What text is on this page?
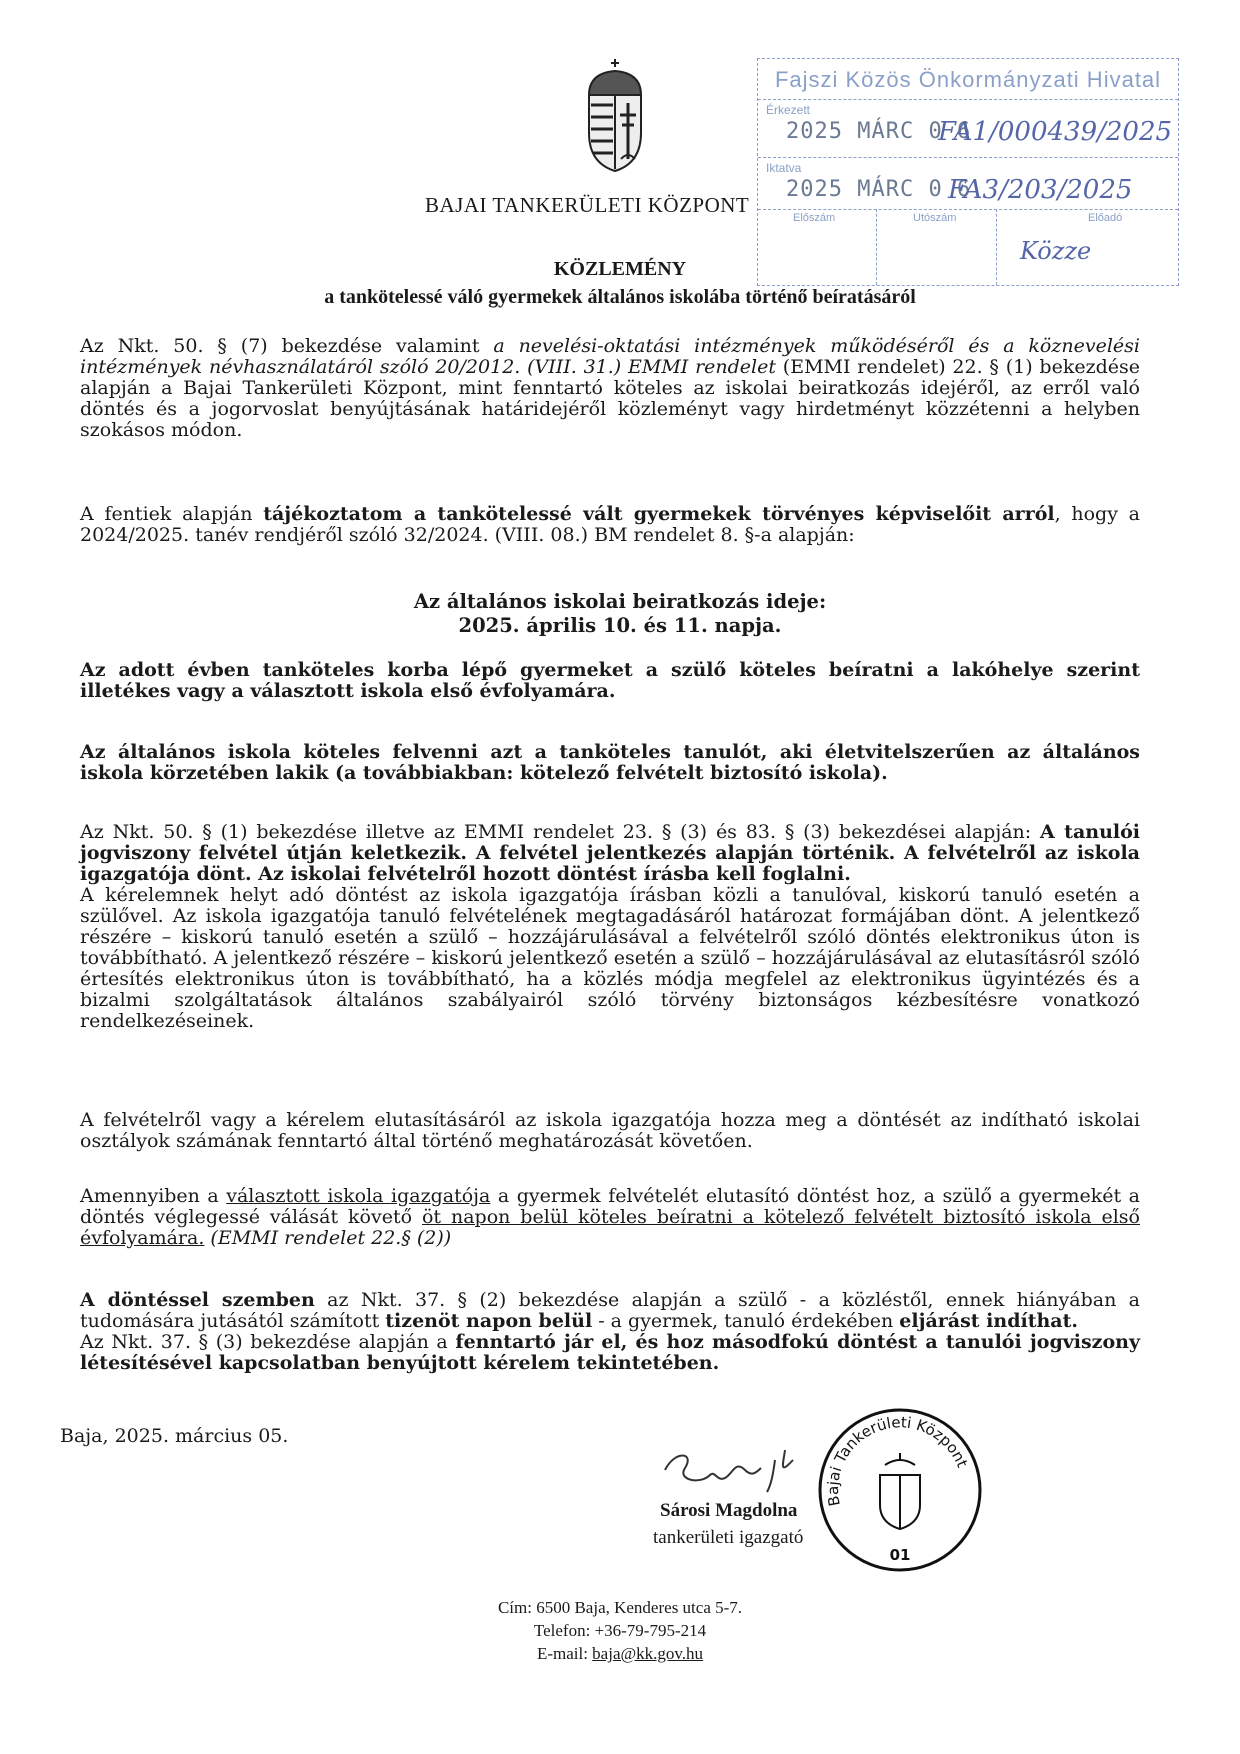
Fajszi Közös Önkormányzati Hivatal
Érkezett
2025 MÁRC 0 6
FA1/000439/2025
Iktatva
2025 MÁRC 0 6
FA3/203/2025
Előszám	Utószám	Előadó
Közze
BAJAI TANKERÜLETI KÖZPONT
KÖZLEMÉNY
a tankötelessé váló gyermekek általános iskolába történő beíratásáról
Az Nkt. 50. § (7) bekezdése valamint a nevelési-oktatási intézmények működéséről és a köznevelési intézmények névhasználatáról szóló 20/2012. (VIII. 31.) EMMI rendelet (EMMI rendelet) 22. § (1) bekezdése alapján a Bajai Tankerületi Központ, mint fenntartó köteles az iskolai beiratkozás idejéről, az erről való döntés és a jogorvoslat benyújtásának határidejéről közleményt vagy hirdetményt közzétenni a helyben szokásos módon.
A fentiek alapján tájékoztatom a tankötelessé vált gyermekek törvényes képviselőit arról, hogy a 2024/2025. tanév rendjéről szóló 32/2024. (VIII. 08.) BM rendelet 8. §-a alapján:
Az általános iskolai beiratkozás ideje:
2025. április 10. és 11. napja.
Az adott évben tanköteles korba lépő gyermeket a szülő köteles beíratni a lakóhelye szerint illetékes vagy a választott iskola első évfolyamára.
Az általános iskola köteles felvenni azt a tanköteles tanulót, aki életvitelszerűen az általános iskola körzetében lakik (a továbbiakban: kötelező felvételt biztosító iskola).
Az Nkt. 50. § (1) bekezdése illetve az EMMI rendelet 23. § (3) és 83. § (3) bekezdései alapján: A tanulói jogviszony felvétel útján keletkezik. A felvétel jelentkezés alapján történik. A felvételről az iskola igazgatója dönt. Az iskolai felvételről hozott döntést írásba kell foglalni.
A kérelemnek helyt adó döntést az iskola igazgatója írásban közli a tanulóval, kiskorú tanuló esetén a szülővel. Az iskola igazgatója tanuló felvételének megtagadásáról határozat formájában dönt. A jelentkező részére – kiskorú tanuló esetén a szülő – hozzájárulásával a felvételről szóló döntés elektronikus úton is továbbítható. A jelentkező részére – kiskorú jelentkező esetén a szülő – hozzájárulásával az elutasításról szóló értesítés elektronikus úton is továbbítható, ha a közlés módja megfelel az elektronikus ügyintézés és a bizalmi szolgáltatások általános szabályairól szóló törvény biztonságos kézbesítésre vonatkozó rendelkezéseinek.
A felvételről vagy a kérelem elutasításáról az iskola igazgatója hozza meg a döntését az indítható iskolai osztályok számának fenntartó által történő meghatározását követően.
Amennyiben a választott iskola igazgatója a gyermek felvételét elutasító döntést hoz, a szülő a gyermekét a döntés véglegessé válását követő öt napon belül köteles beíratni a kötelező felvételt biztosító iskola első évfolyamára. (EMMI rendelet 22.§ (2))
A döntéssel szemben az Nkt. 37. § (2) bekezdése alapján a szülő - a közléstől, ennek hiányában a tudomására jutásától számított tizenöt napon belül - a gyermek, tanuló érdekében eljárást indíthat.
Az Nkt. 37. § (3) bekezdése alapján a fenntartó jár el, és hoz másodfokú döntést a tanulói jogviszony létesítésével kapcsolatban benyújtott kérelem tekintetében.
Baja, 2025. március 05.
Sárosi Magdolna
tankerületi igazgató
Bajai Tankerületi Központ
01
Cím: 6500 Baja, Kenderes utca 5-7.
Telefon: +36-79-795-214
E-mail: baja@kk.gov.hu
